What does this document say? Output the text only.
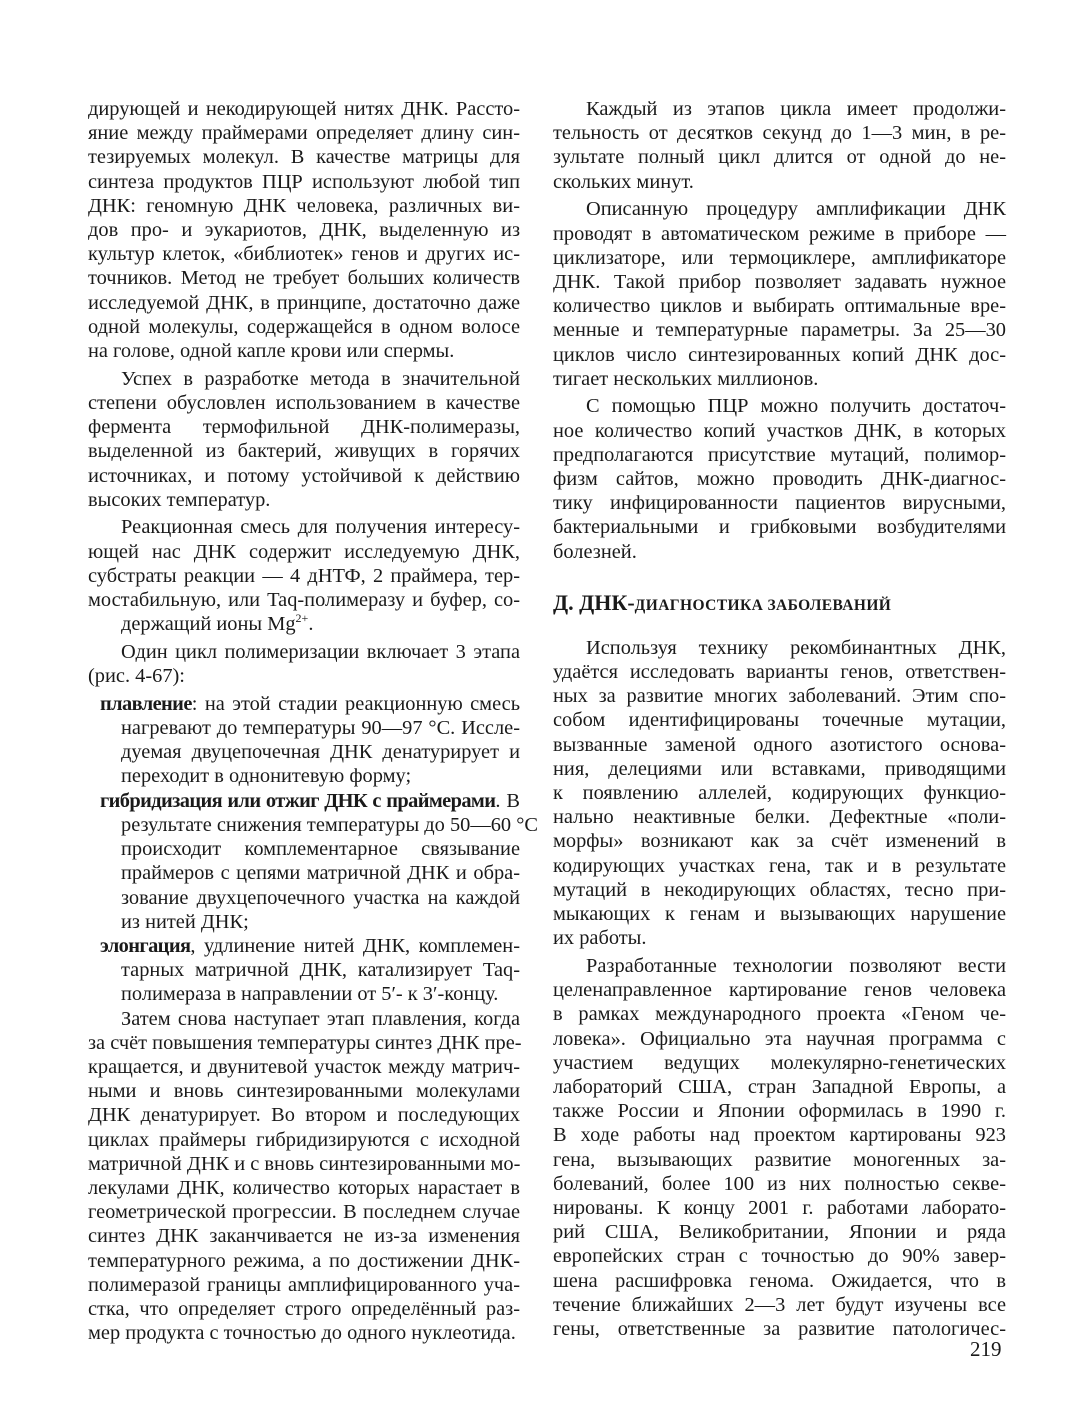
дирующей и некодирующей нитях ДНК. Рассто-
яние между праймерами определяет длину син-
тезируемых молекул. В качестве матрицы для
синтеза продуктов ПЦР используют любой тип
ДНК: геномную ДНК человека, различных ви-
дов про- и эукариотов, ДНК, выделенную из
культур клеток, «библиотек» генов и других ис-
точников. Метод не требует больших количеств
исследуемой ДНК, в принципе, достаточно даже
одной молекулы, содержащейся в одном волосе
на голове, одной капле крови или спермы.
Успех в разработке метода в значительной
степени обусловлен использованием в качестве
фермента термофильной ДНК-полимеразы,
выделенной из бактерий, живущих в горячих
источниках, и потому устойчивой к действию
высоких температур.
Реакционная смесь для получения интересу-
ющей нас ДНК содержит исследуемую ДНК,
субстраты реакции — 4 дНТФ, 2 праймера, тер-
мостабильную, или Taq-полимеразу и буфер, со-
держащий ионы $Mg^{2+}$.
Один цикл полимеризации включает 3 этапа
(рис. 4-67):
плавление: на этой стадии реакционную смесь
нагревают до температуры 90—97 °С. Иссле-
дуемая двуцепочечная ДНК денатурирует и
переходит в однонитевую форму;
гибридизация или отжиг ДНК с праймерами. В
результате снижения температуры до 50—60 °С
происходит комплементарное связывание
праймеров с цепями матричной ДНК и обра-
зование двухцепочечного участка на каждой
из нитей ДНК;
элонгация, удлинение нитей ДНК, комплемен-
тарных матричной ДНК, катализирует Taq-
полимераза в направлении от 5′- к 3′-концу.
Затем снова наступает этап плавления, когда
за счёт повышения температуры синтез ДНК пре-
кращается, и двунитевой участок между матрич-
ными и вновь синтезированными молекулами
ДНК денатурирует. Во втором и последующих
циклах праймеры гибридизируются с исходной
матричной ДНК и с вновь синтезированными мо-
лекулами ДНК, количество которых нарастает в
геометрической прогрессии. В последнем случае
синтез ДНК заканчивается не из-за изменения
температурного режима, а по достижении ДНК-
полимеразой границы амплифицированного уча-
стка, что определяет строго определённый раз-
мер продукта с точностью до одного нуклеотида.
Каждый из этапов цикла имеет продолжи-
тельность от десятков секунд до 1—3 мин, в ре-
зультате полный цикл длится от одной до не-
скольких минут.
Описанную процедуру амплификации ДНК
проводят в автоматическом режиме в приборе —
циклизаторе, или термоциклере, амплификаторе
ДНК. Такой прибор позволяет задавать нужное
количество циклов и выбирать оптимальные вре-
менные и температурные параметры. За 25—30
циклов число синтезированных копий ДНК дос-
тигает нескольких миллионов.
С помощью ПЦР можно получить достаточ-
ное количество копий участков ДНК, в которых
предполагаются присутствие мутаций, полимор-
физм сайтов, можно проводить ДНК-диагнос-
тику инфицированности пациентов вирусными,
бактериальными и грибковыми возбудителями
болезней.
Д. ДНК-ДИАГНОСТИКА ЗАБОЛЕВАНИЙ
Используя технику рекомбинантных ДНК,
удаётся исследовать варианты генов, ответствен-
ных за развитие многих заболеваний. Этим спо-
собом идентифицированы точечные мутации,
вызванные заменой одного азотистого основа-
ния, делециями или вставками, приводящими
к появлению аллелей, кодирующих функцио-
нально неактивные белки. Дефектные «поли-
морфы» возникают как за счёт изменений в
кодирующих участках гена, так и в результате
мутаций в некодирующих областях, тесно при-
мыкающих к генам и вызывающих нарушение
их работы.
Разработанные технологии позволяют вести
целенаправленное картирование генов человека
в рамках международного проекта «Геном че-
ловека». Официально эта научная программа с
участием ведущих молекулярно-генетических
лабораторий США, стран Западной Европы, а
также России и Японии оформилась в 1990 г.
В ходе работы над проектом картированы 923
гена, вызывающих развитие моногенных за-
болеваний, более 100 из них полностью секве-
нированы. К концу 2001 г. работами лаборато-
рий США, Великобритании, Японии и ряда
европейских стран с точностью до 90% завер-
шена расшифровка генома. Ожидается, что в
течение ближайших 2—3 лет будут изучены все
гены, ответственные за развитие патологичес-
219
